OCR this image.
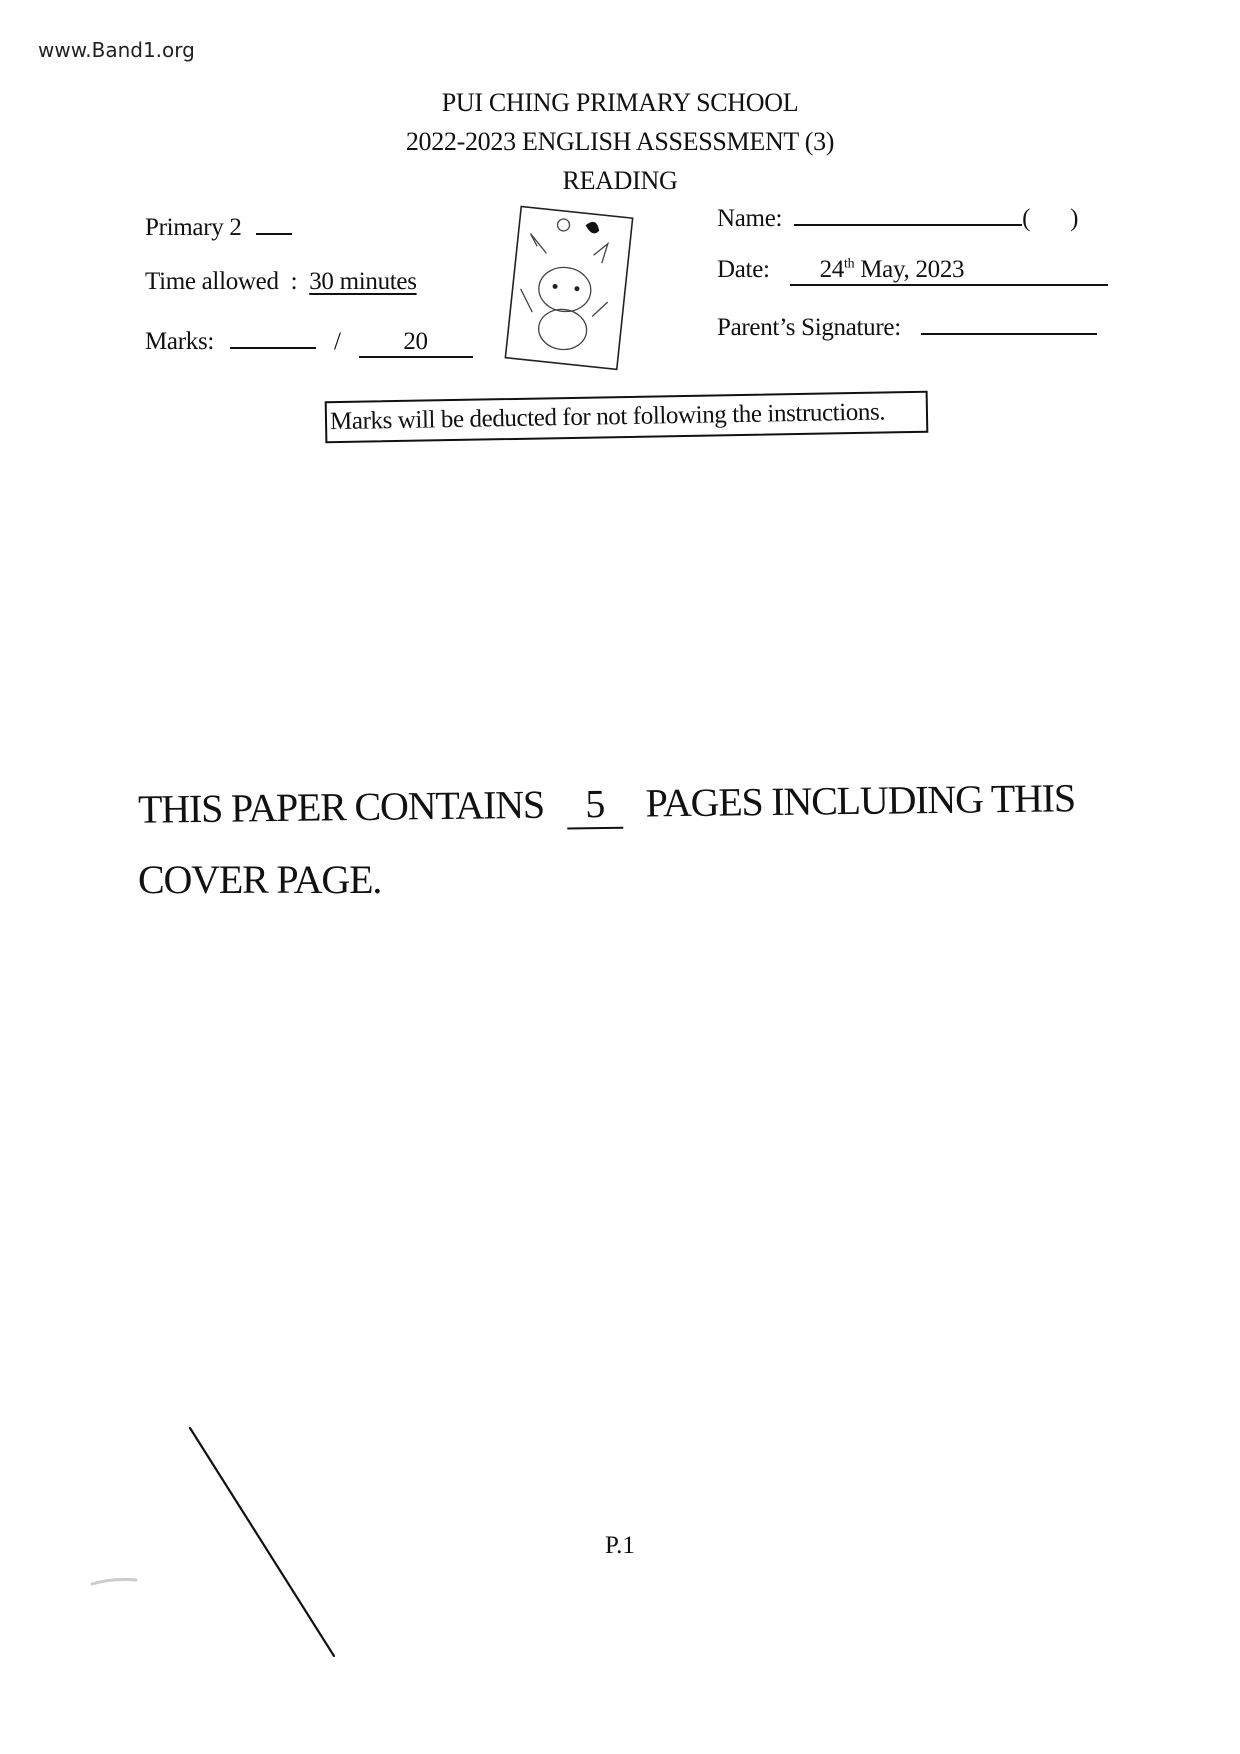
www.Band1.org
PUI CHING PRIMARY SCHOOL
2022-2023 ENGLISH ASSESSMENT (3)
READING
Primary 2
Time allowed : 30 minutes
Marks:	/	20
Name:	( )
Date: 24th May, 2023
Parent’s Signature:
Marks will be deducted for not following the instructions.
THIS PAPER CONTAINS 5 PAGES INCLUDING THIS
COVER PAGE.
P.1
